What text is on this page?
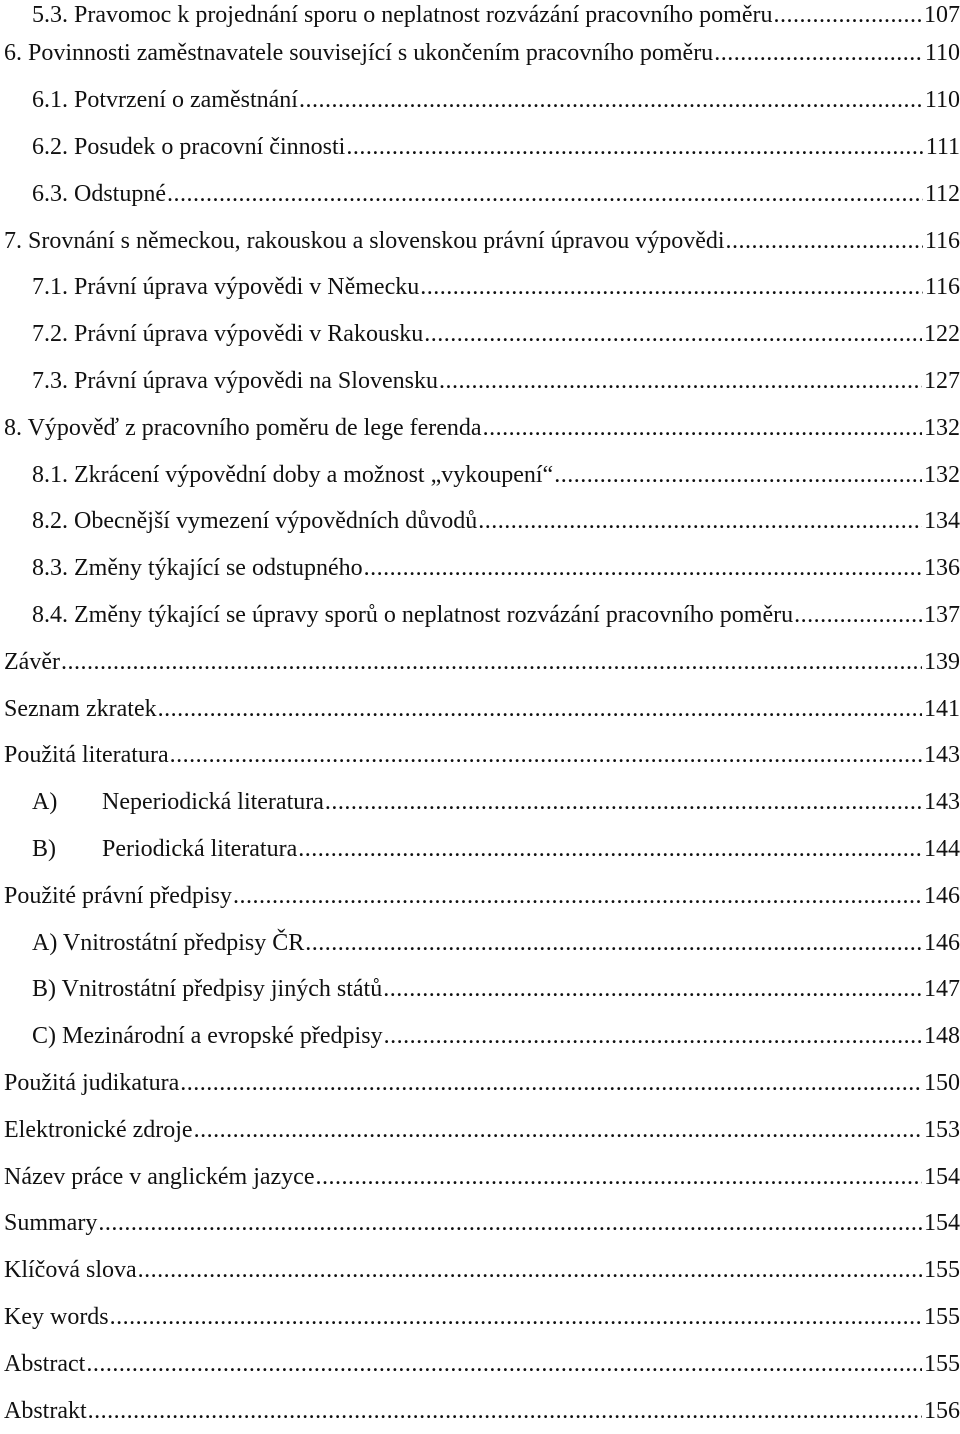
5.3. Pravomoc k projednání sporu o neplatnost rozvázání pracovního poměru .....	107
6. Povinnosti zaměstnavatele související s ukončením pracovního poměru .....	110
6.1. Potvrzení o zaměstnání .....	110
6.2. Posudek o pracovní činnosti .....	111
6.3. Odstupné .....	112
7. Srovnání s německou, rakouskou a slovenskou právní úpravou výpovědi .....	116
7.1. Právní úprava výpovědi v Německu .....	116
7.2. Právní úprava výpovědi v Rakousku .....	122
7.3. Právní úprava výpovědi na Slovensku .....	127
8. Výpověď z pracovního poměru de lege ferenda .....	132
8.1. Zkrácení výpovědní doby a možnost „vykoupení“ .....	132
8.2. Obecnější vymezení výpovědních důvodů .....	134
8.3. Změny týkající se odstupného .....	136
8.4. Změny týkající se úpravy sporů o neplatnost rozvázání pracovního poměru .....	137
Závěr .....	139
Seznam zkratek .....	141
Použitá literatura .....	143
A)	Neperiodická literatura .....	143
B)	Periodická literatura .....	144
Použité právní předpisy .....	146
A) Vnitrostátní předpisy ČR .....	146
B) Vnitrostátní předpisy jiných států .....	147
C) Mezinárodní a evropské předpisy .....	148
Použitá judikatura .....	150
Elektronické zdroje .....	153
Název práce v anglickém jazyce .....	154
Summary .....	154
Klíčová slova .....	155
Key words .....	155
Abstract .....	155
Abstrakt .....	156
